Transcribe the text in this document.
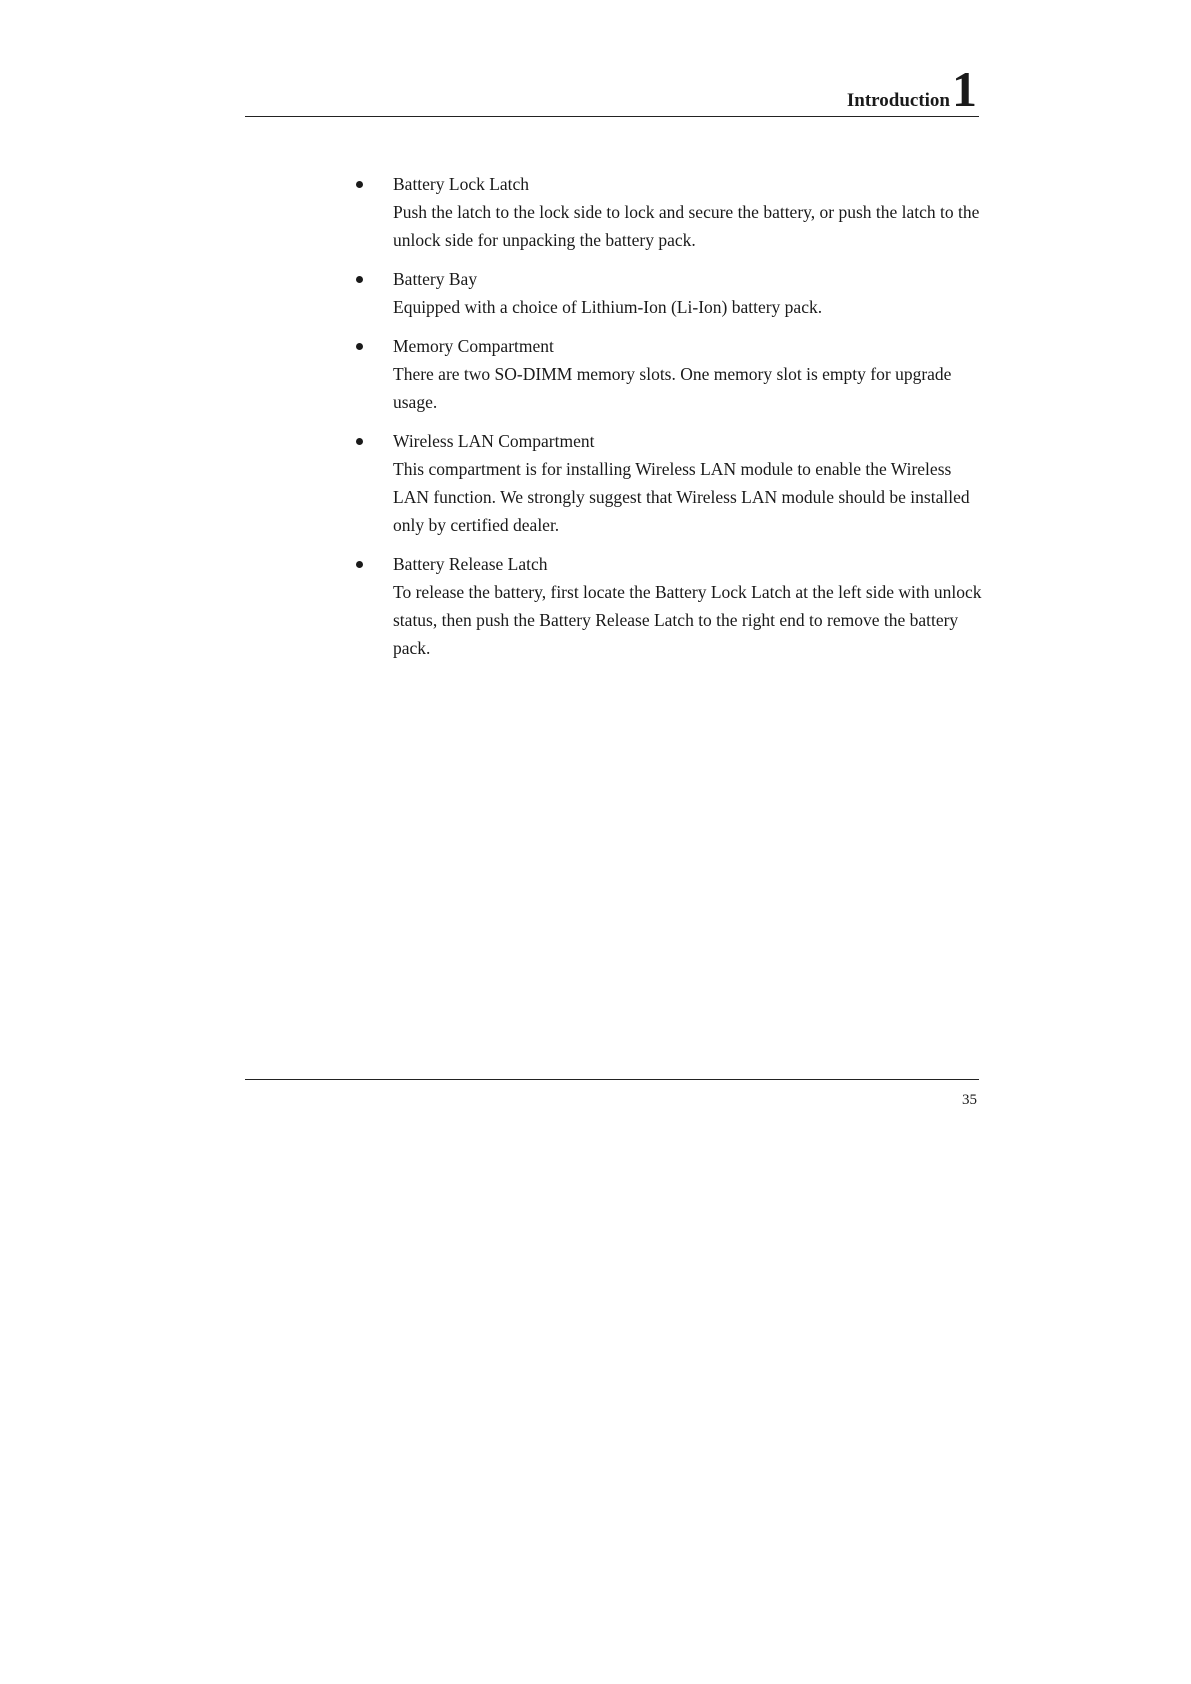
Introduction 1
Battery Lock Latch
Push the latch to the lock side to lock and secure the battery, or push the latch to the unlock side for unpacking the battery pack.
Battery Bay
Equipped with a choice of Lithium-Ion (Li-Ion) battery pack.
Memory Compartment
There are two SO-DIMM memory slots. One memory slot is empty for upgrade usage.
Wireless LAN Compartment
This compartment is for installing Wireless LAN module to enable the Wireless LAN function. We strongly suggest that Wireless LAN module should be installed only by certified dealer.
Battery Release Latch
To release the battery, first locate the Battery Lock Latch at the left side with unlock status, then push the Battery Release Latch to the right end to remove the battery pack.
35
